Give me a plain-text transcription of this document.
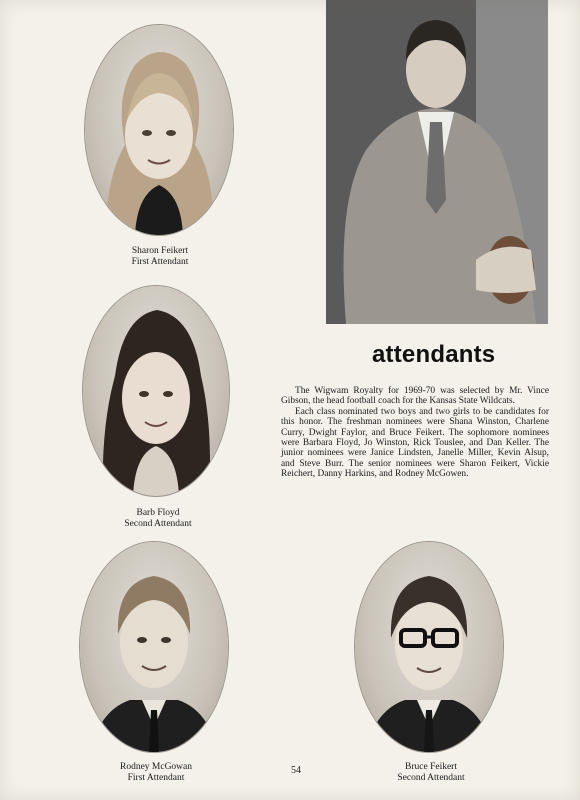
Sharon Feikert
First Attendant
Barb Floyd
Second Attendant
Rodney McGowan
First Attendant
Bruce Feikert
Second Attendant
attendants

The Wigwam Royalty for 1969-70 was selected by Mr. Vince Gibson, the head football coach for the Kansas State Wildcats.

Each class nominated two boys and two girls to be candidates for this honor. The freshman nominees were Shana Winston, Charlene Curry, Dwight Faylor, and Bruce Feikert. The sophomore nominees were Barbara Floyd, Jo Winston, Rick Touslee, and Dan Keller. The junior nominees were Janice Lindsten, Janelle Miller, Kevin Alsup, and Steve Burr. The senior nominees were Sharon Feikert, Vickie Reichert, Danny Harkins, and Rodney McGowen.

54
